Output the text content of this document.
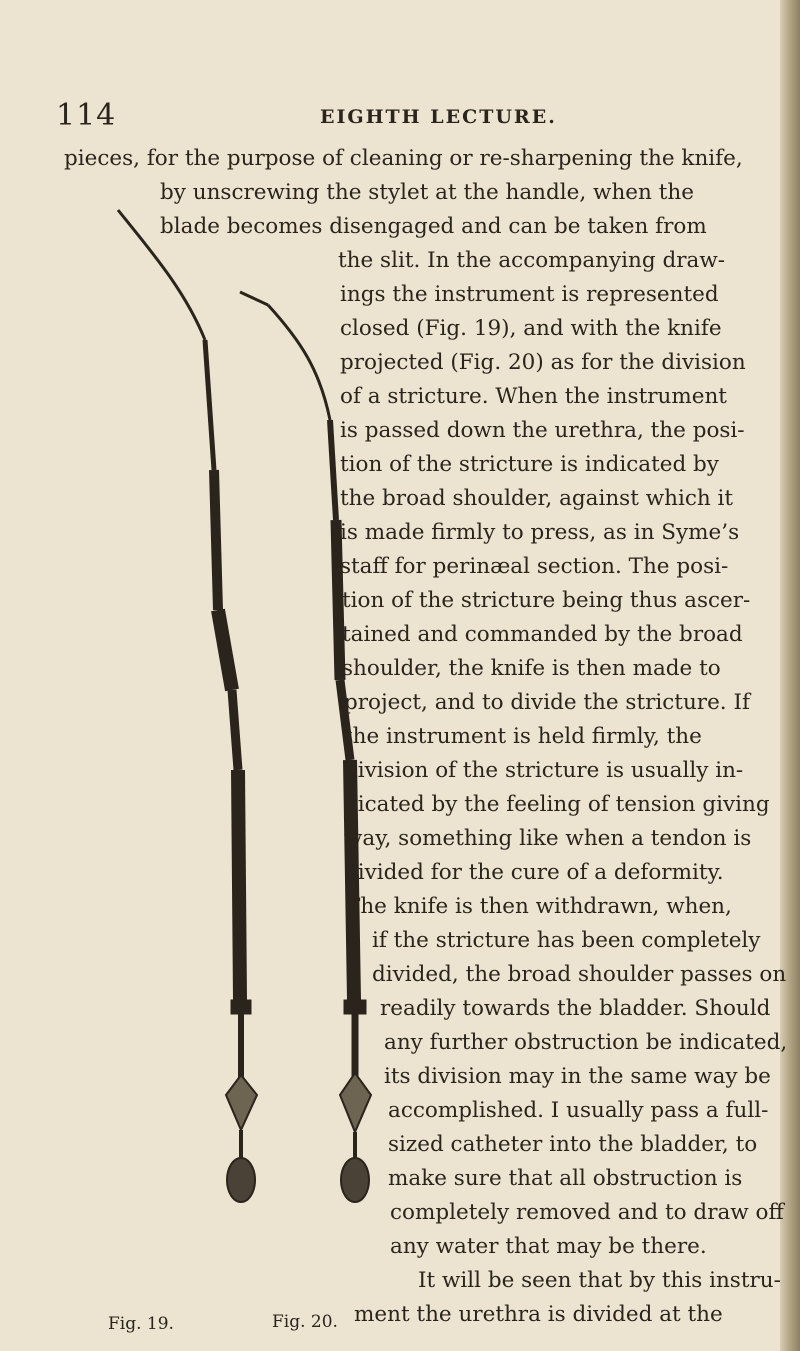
114	EIGHTH LECTURE.
pieces, for the purpose of cleaning or re-sharpening the knife,
by unscrewing the stylet at the handle, when the
blade becomes disengaged and can be taken from
the slit. In the accompanying draw-
ings the instrument is represented
closed (Fig. 19), and with the knife
projected (Fig. 20) as for the division
of a stricture. When the instrument
is passed down the urethra, the posi-
tion of the stricture is indicated by
the broad shoulder, against which it
is made firmly to press, as in Syme’s
staff for perinæal section. The posi-
tion of the stricture being thus ascer-
tained and commanded by the broad
shoulder, the knife is then made to
project, and to divide the stricture. If
the instrument is held firmly, the
division of the stricture is usually in-
dicated by the feeling of tension giving
way, something like when a tendon is
divided for the cure of a deformity.
The knife is then withdrawn, when,
if the stricture has been completely
divided, the broad shoulder passes on
readily towards the bladder. Should
any further obstruction be indicated,
its division may in the same way be
accomplished. I usually pass a full-
sized catheter into the bladder, to
make sure that all obstruction is
completely removed and to draw off
any water that may be there.
It will be seen that by this instru-
ment the urethra is divided at the
Fig. 19.	Fig. 20.
